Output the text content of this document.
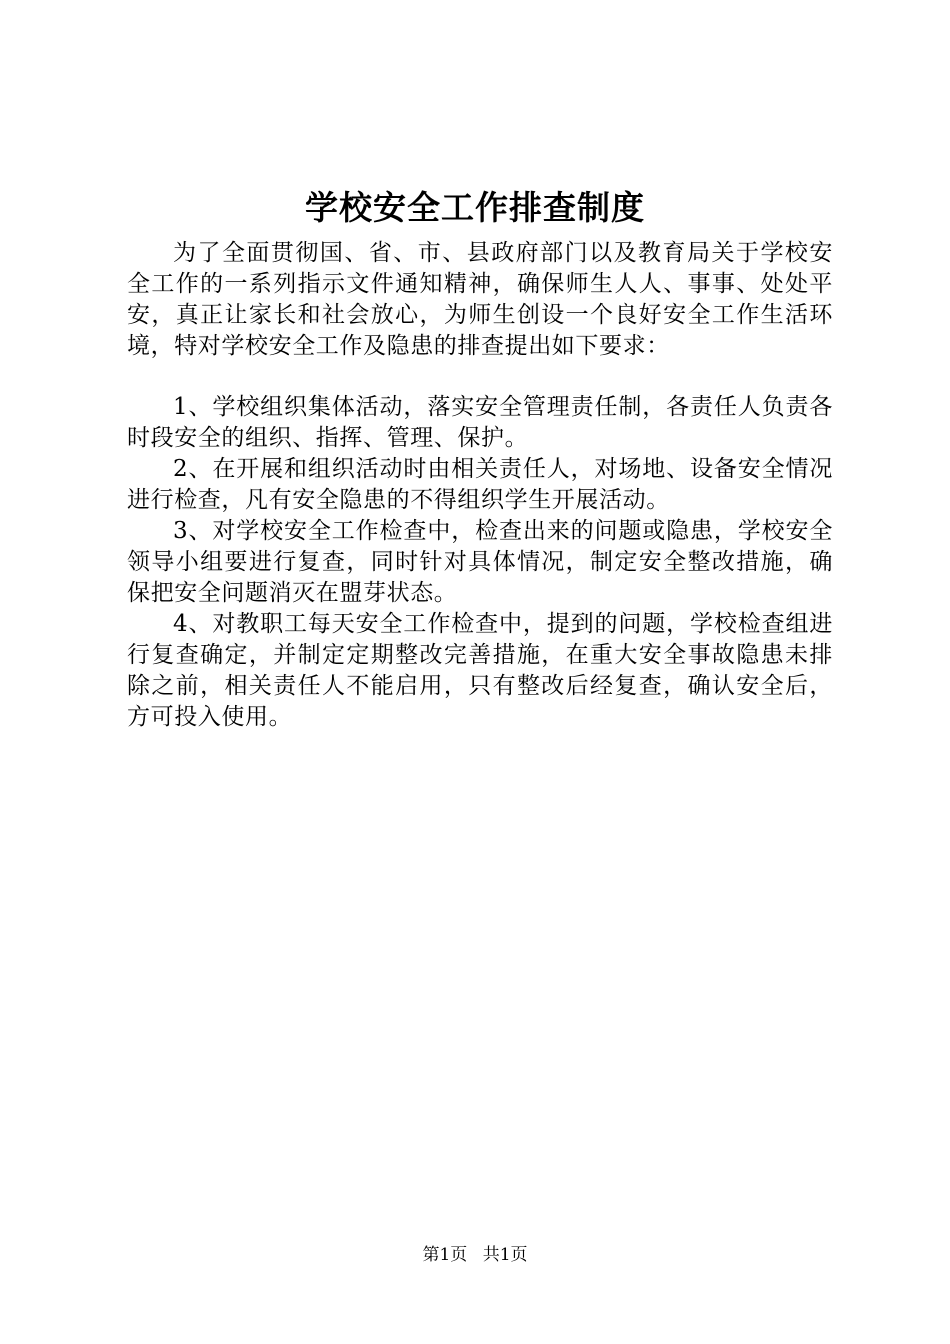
学校安全工作排查制度

为了全面贯彻国、省、市、县政府部门以及教育局关于学校安全工作的一系列指示文件通知精神，确保师生人人、事事、处处平安，真正让家长和社会放心，为师生创设一个良好安全工作生活环境，特对学校安全工作及隐患的排查提出如下要求：

1、学校组织集体活动，落实安全管理责任制，各责任人负责各时段安全的组织、指挥、管理、保护。

2、在开展和组织活动时由相关责任人，对场地、设备安全情况进行检查，凡有安全隐患的不得组织学生开展活动。

3、对学校安全工作检查中，检查出来的问题或隐患，学校安全领导小组要进行复查，同时针对具体情况，制定安全整改措施，确保把安全问题消灭在盟芽状态。

4、对教职工每天安全工作检查中，提到的问题，学校检查组进行复查确定，并制定定期整改完善措施，在重大安全事故隐患未排除之前，相关责任人不能启用，只有整改后经复查，确认安全后，方可投入使用。

第1页 共1页
